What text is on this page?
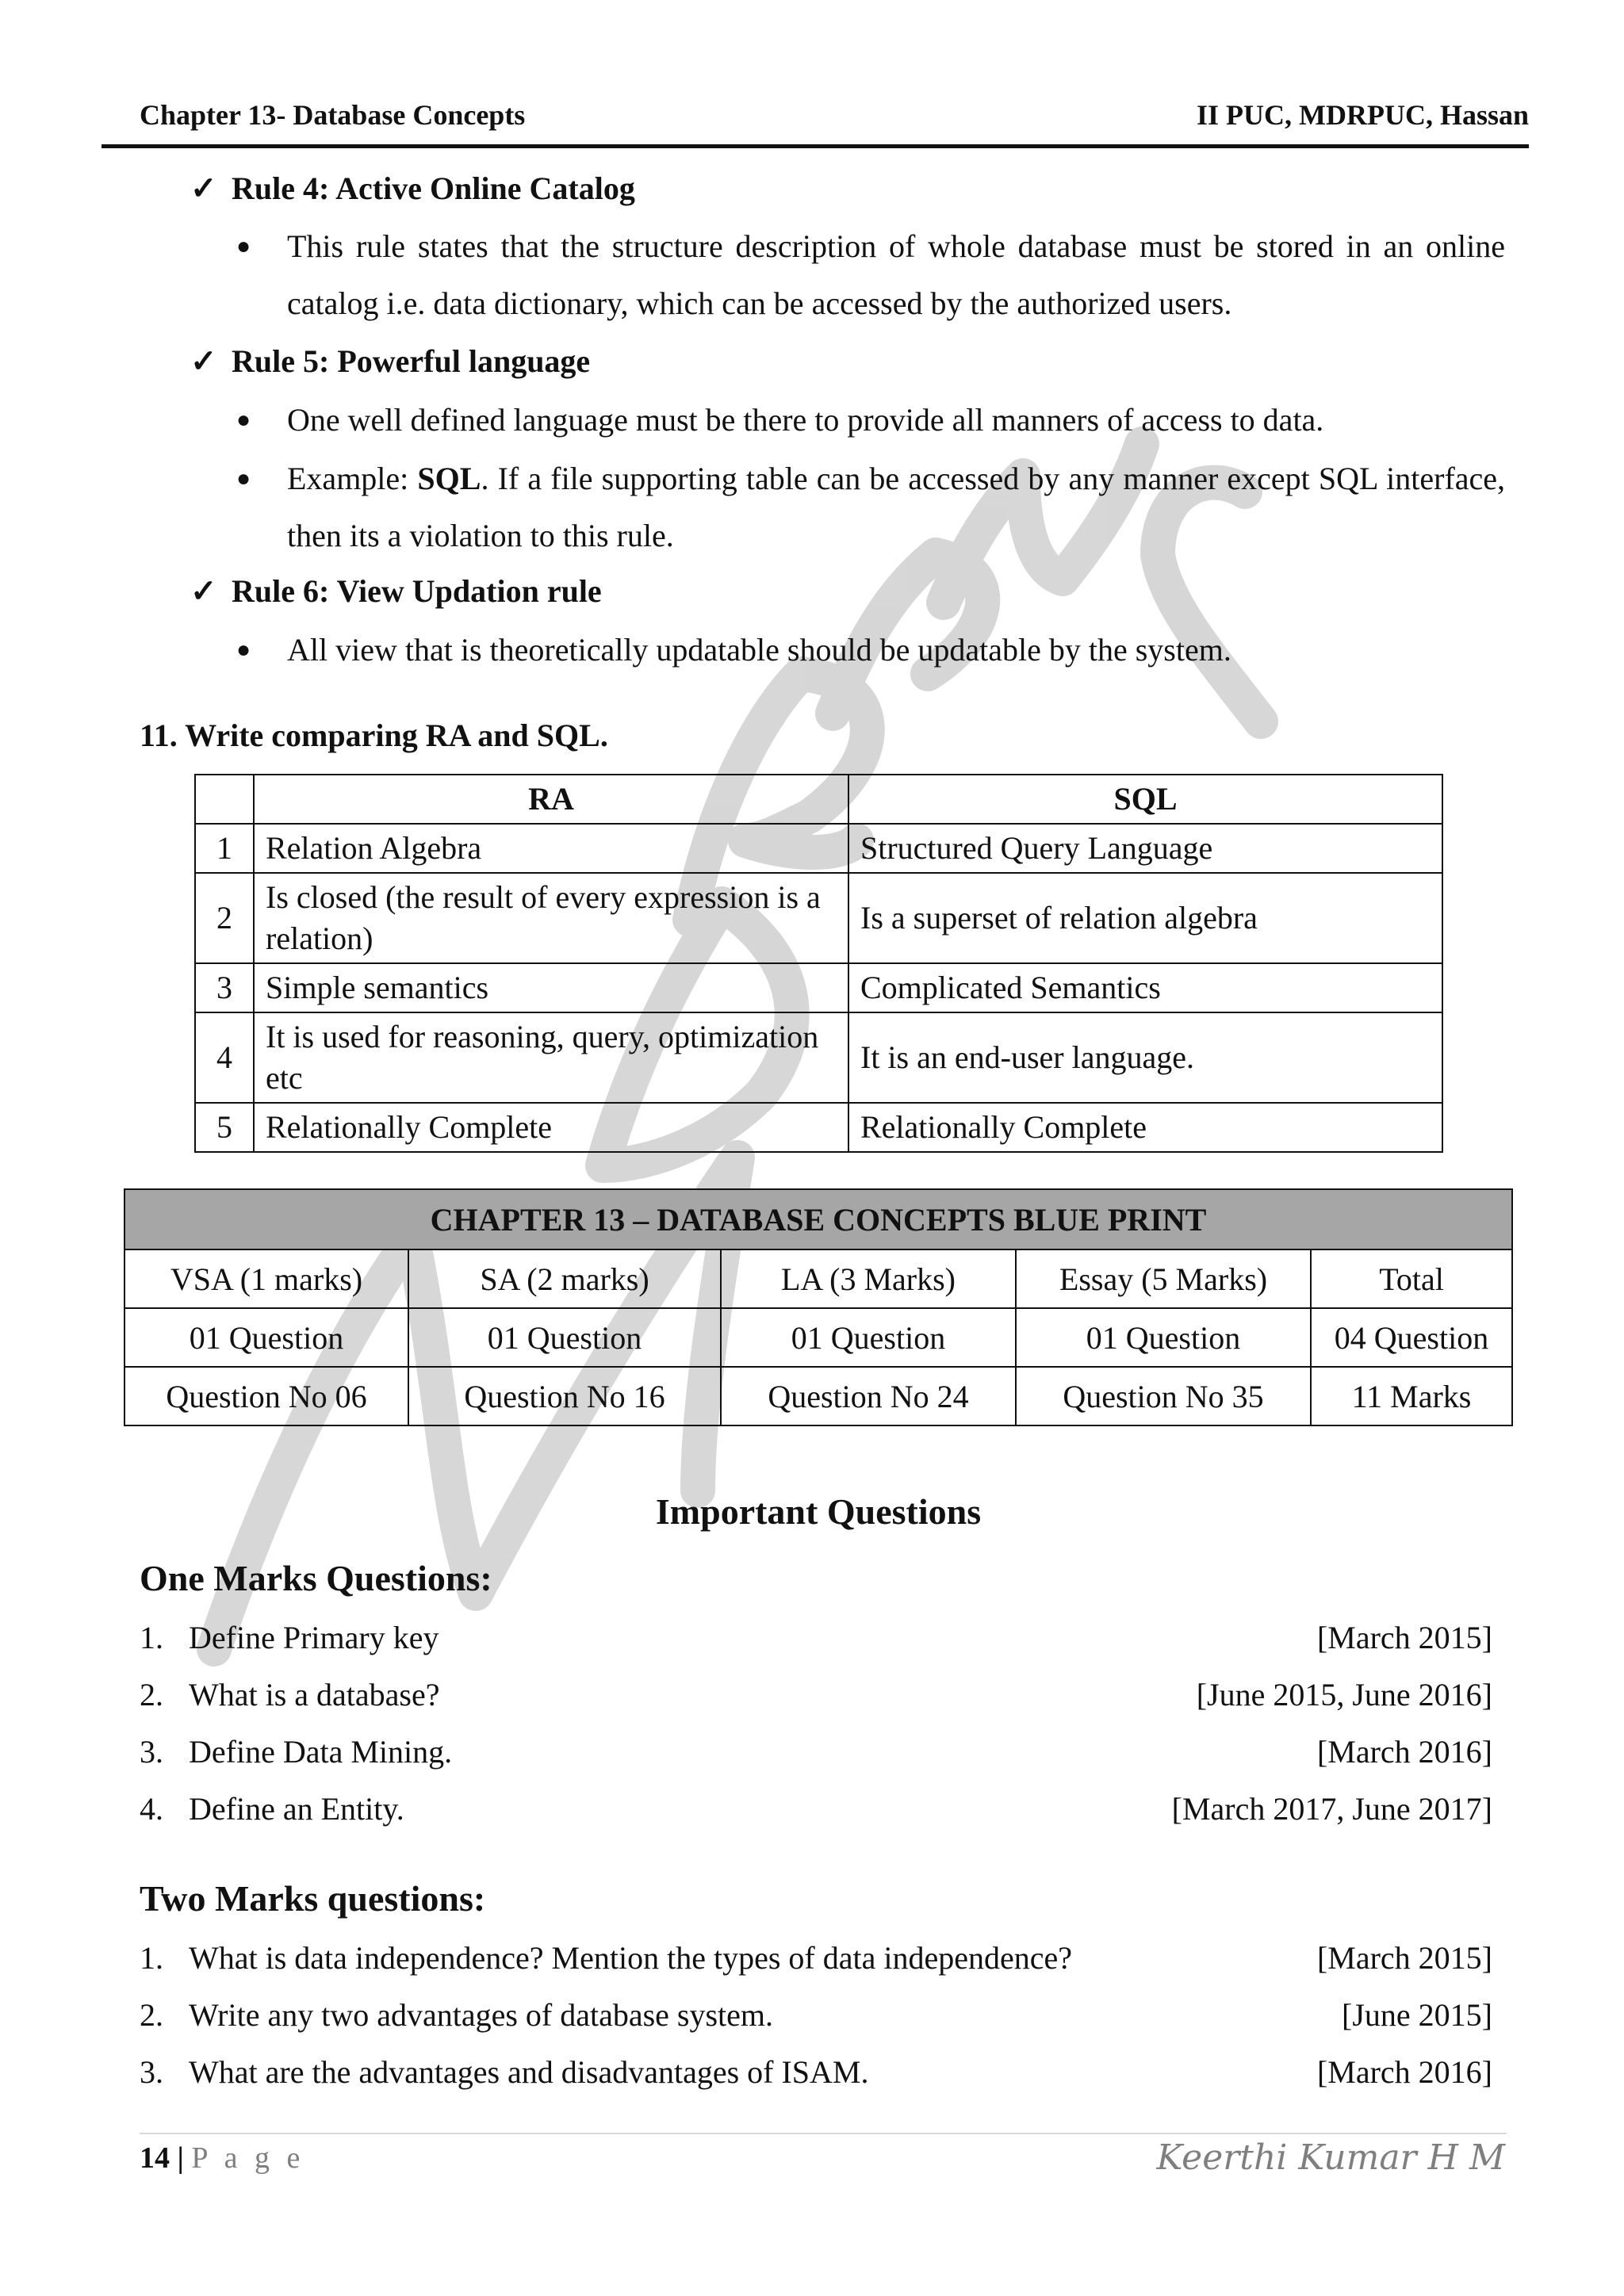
Chapter 13- Database Concepts	II PUC, MDRPUC, Hassan
✓ Rule 4: Active Online Catalog
● This rule states that the structure description of whole database must be stored in an online catalog i.e. data dictionary, which can be accessed by the authorized users.
✓ Rule 5: Powerful language
● One well defined language must be there to provide all manners of access to data.
● Example: SQL. If a file supporting table can be accessed by any manner except SQL interface, then its a violation to this rule.
✓ Rule 6: View Updation rule
● All view that is theoretically updatable should be updatable by the system.
11. Write comparing RA and SQL.
	RA	SQL
1	Relation Algebra	Structured Query Language
2	Is closed (the result of every expression is a relation)	Is a superset of relation algebra
3	Simple semantics	Complicated Semantics
4	It is used for reasoning, query, optimization etc	It is an end-user language.
5	Relationally Complete	Relationally Complete
CHAPTER 13 – DATABASE CONCEPTS BLUE PRINT				
VSA (1 marks)	SA (2 marks)	LA (3 Marks)	Essay (5 Marks)	Total
01 Question	01 Question	01 Question	01 Question	04 Question
Question No 06	Question No 16	Question No 24	Question No 35	11 Marks
Important Questions
One Marks Questions:
1. Define Primary key	[March 2015]
2. What is a database?	[June 2015, June 2016]
3. Define Data Mining.	[March 2016]
4. Define an Entity.	[March 2017, June 2017]
Two Marks questions:
1. What is data independence? Mention the types of data independence?	[March 2015]
2. Write any two advantages of database system.	[June 2015]
3. What are the advantages and disadvantages of ISAM.	[March 2016]
14 | P a g e	Keerthi Kumar H M
